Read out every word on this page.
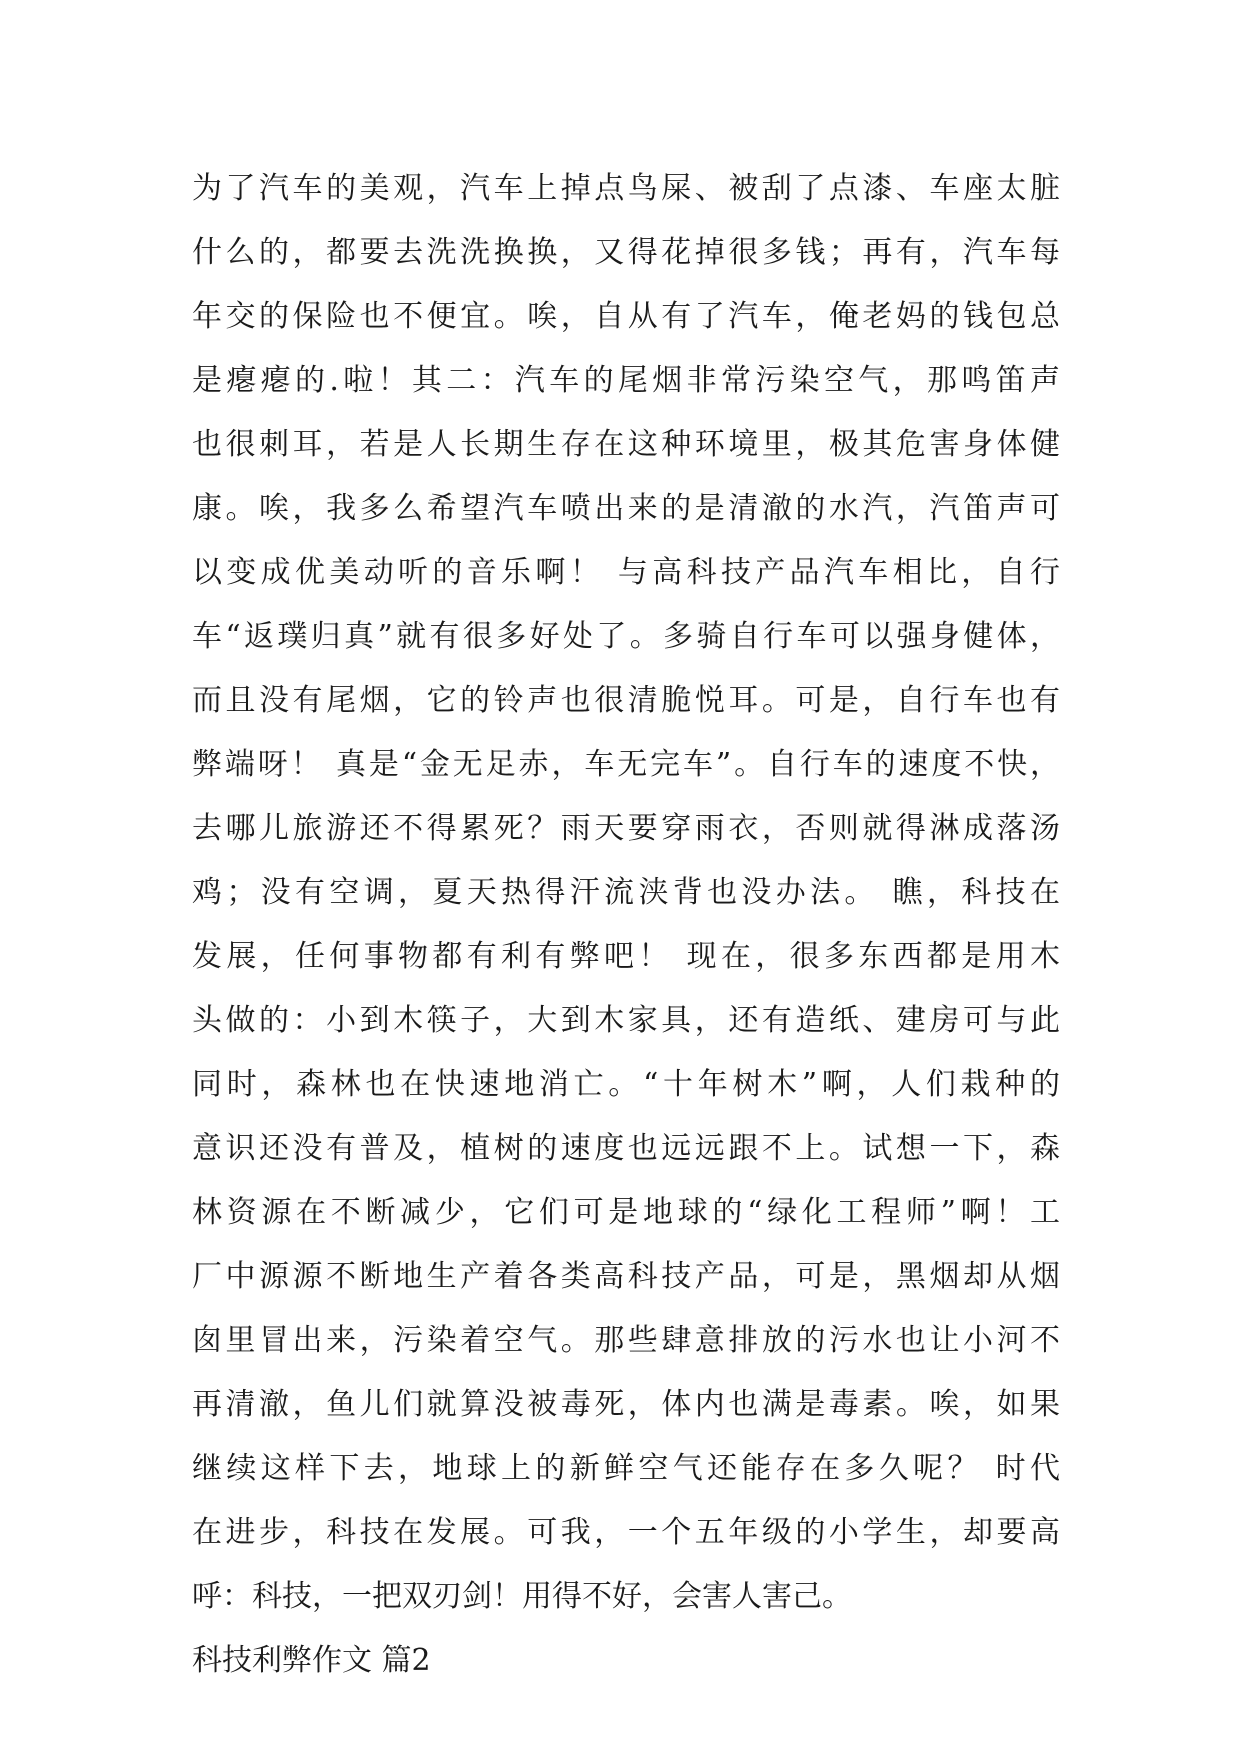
为了汽车的美观，汽车上掉点鸟屎、被刮了点漆、车座太脏
什么的，都要去洗洗换换，又得花掉很多钱；再有，汽车每
年交的保险也不便宜。唉，自从有了汽车，俺老妈的钱包总
是瘪瘪的.啦！其二：汽车的尾烟非常污染空气，那鸣笛声
也很刺耳，若是人长期生存在这种环境里，极其危害身体健
康。唉，我多么希望汽车喷出来的是清澈的水汽，汽笛声可
以变成优美动听的音乐啊！ 与高科技产品汽车相比，自行
车“返璞归真”就有很多好处了。多骑自行车可以强身健体，
而且没有尾烟，它的铃声也很清脆悦耳。可是，自行车也有
弊端呀！ 真是“金无足赤，车无完车”。自行车的速度不快，
去哪儿旅游还不得累死？雨天要穿雨衣，否则就得淋成落汤
鸡；没有空调，夏天热得汗流浃背也没办法。 瞧，科技在
发展，任何事物都有利有弊吧！ 现在，很多东西都是用木
头做的：小到木筷子，大到木家具，还有造纸、建房可与此
同时，森林也在快速地消亡。“十年树木”啊，人们栽种的
意识还没有普及，植树的速度也远远跟不上。试想一下，森
林资源在不断减少，它们可是地球的“绿化工程师”啊！工
厂中源源不断地生产着各类高科技产品，可是，黑烟却从烟
囱里冒出来，污染着空气。那些肆意排放的污水也让小河不
再清澈，鱼儿们就算没被毒死，体内也满是毒素。唉，如果
继续这样下去，地球上的新鲜空气还能存在多久呢？ 时代
在进步，科技在发展。可我，一个五年级的小学生，却要高
呼：科技，一把双刃剑！用得不好，会害人害己。
科技利弊作文 篇2
